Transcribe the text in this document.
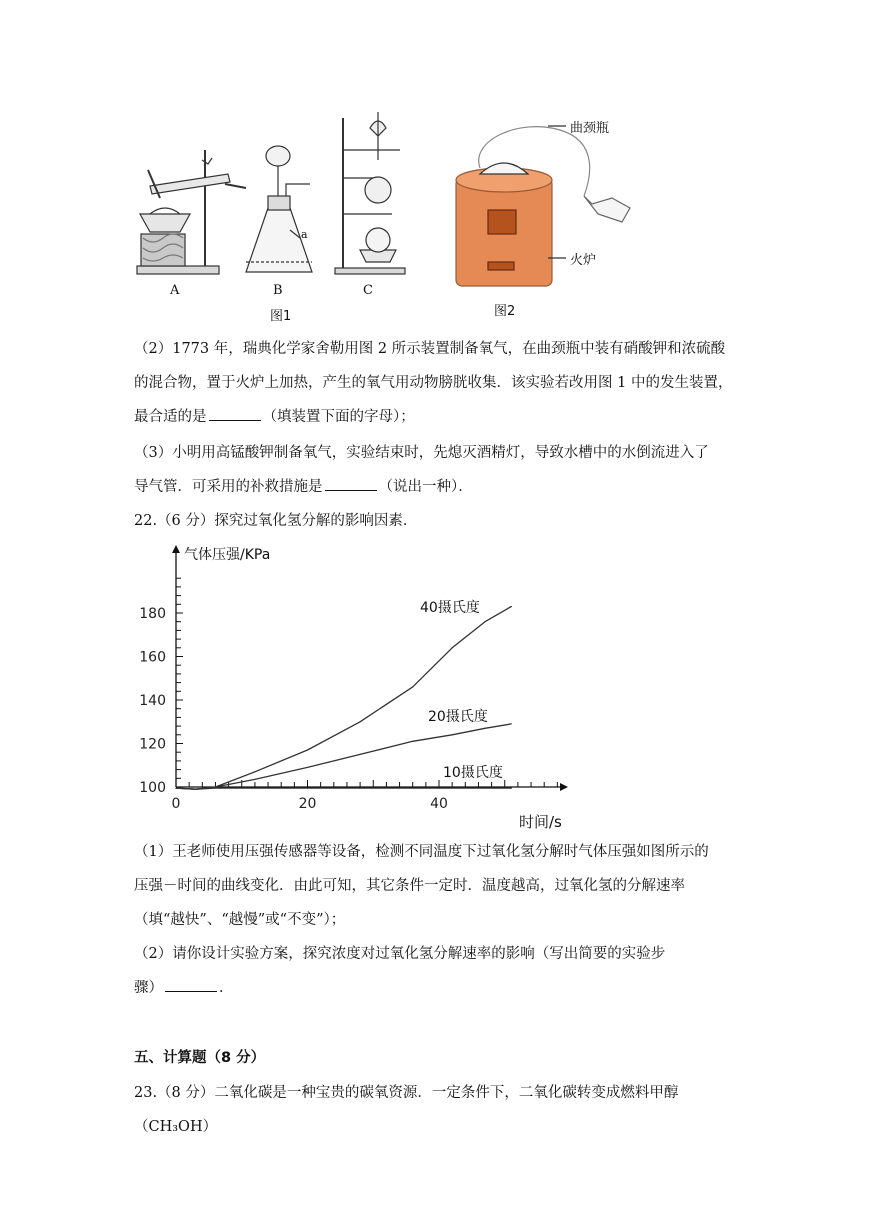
A	B	C
a
图1	图2
曲颈瓶
火炉
（2）1773 年，瑞典化学家舍勒用图 2 所示装置制备氧气，在曲颈瓶中装有硝酸钾和浓硫酸
的混合物，置于火炉上加热，产生的氧气用动物膀胱收集．该实验若改用图 1 中的发生装置，
最合适的是	（填装置下面的字母）；
（3）小明用高锰酸钾制备氧气，实验结束时，先熄灭酒精灯，导致水槽中的水倒流进入了
导气管．可采用的补救措施是	（说出一种）．
22.（6 分）探究过氧化氢分解的影响因素．
0	20	40
100
120
140
160
180
气体压强/KPa
时间/s
40摄氏度
20摄氏度
10摄氏度
（1）王老师使用压强传感器等设备，检测不同温度下过氧化氢分解时气体压强如图所示的
压强－时间的曲线变化．由此可知，其它条件一定时．温度越高，过氧化氢的分解速率
（填“越快”、“越慢”或“不变”）；
（2）请你设计实验方案，探究浓度对过氧化氢分解速率的影响（写出简要的实验步
骤）	．
五、计算题（8 分）
23.（8 分）二氧化碳是一种宝贵的碳氧资源．一定条件下，二氧化碳转变成燃料甲醇（CH₃OH）
